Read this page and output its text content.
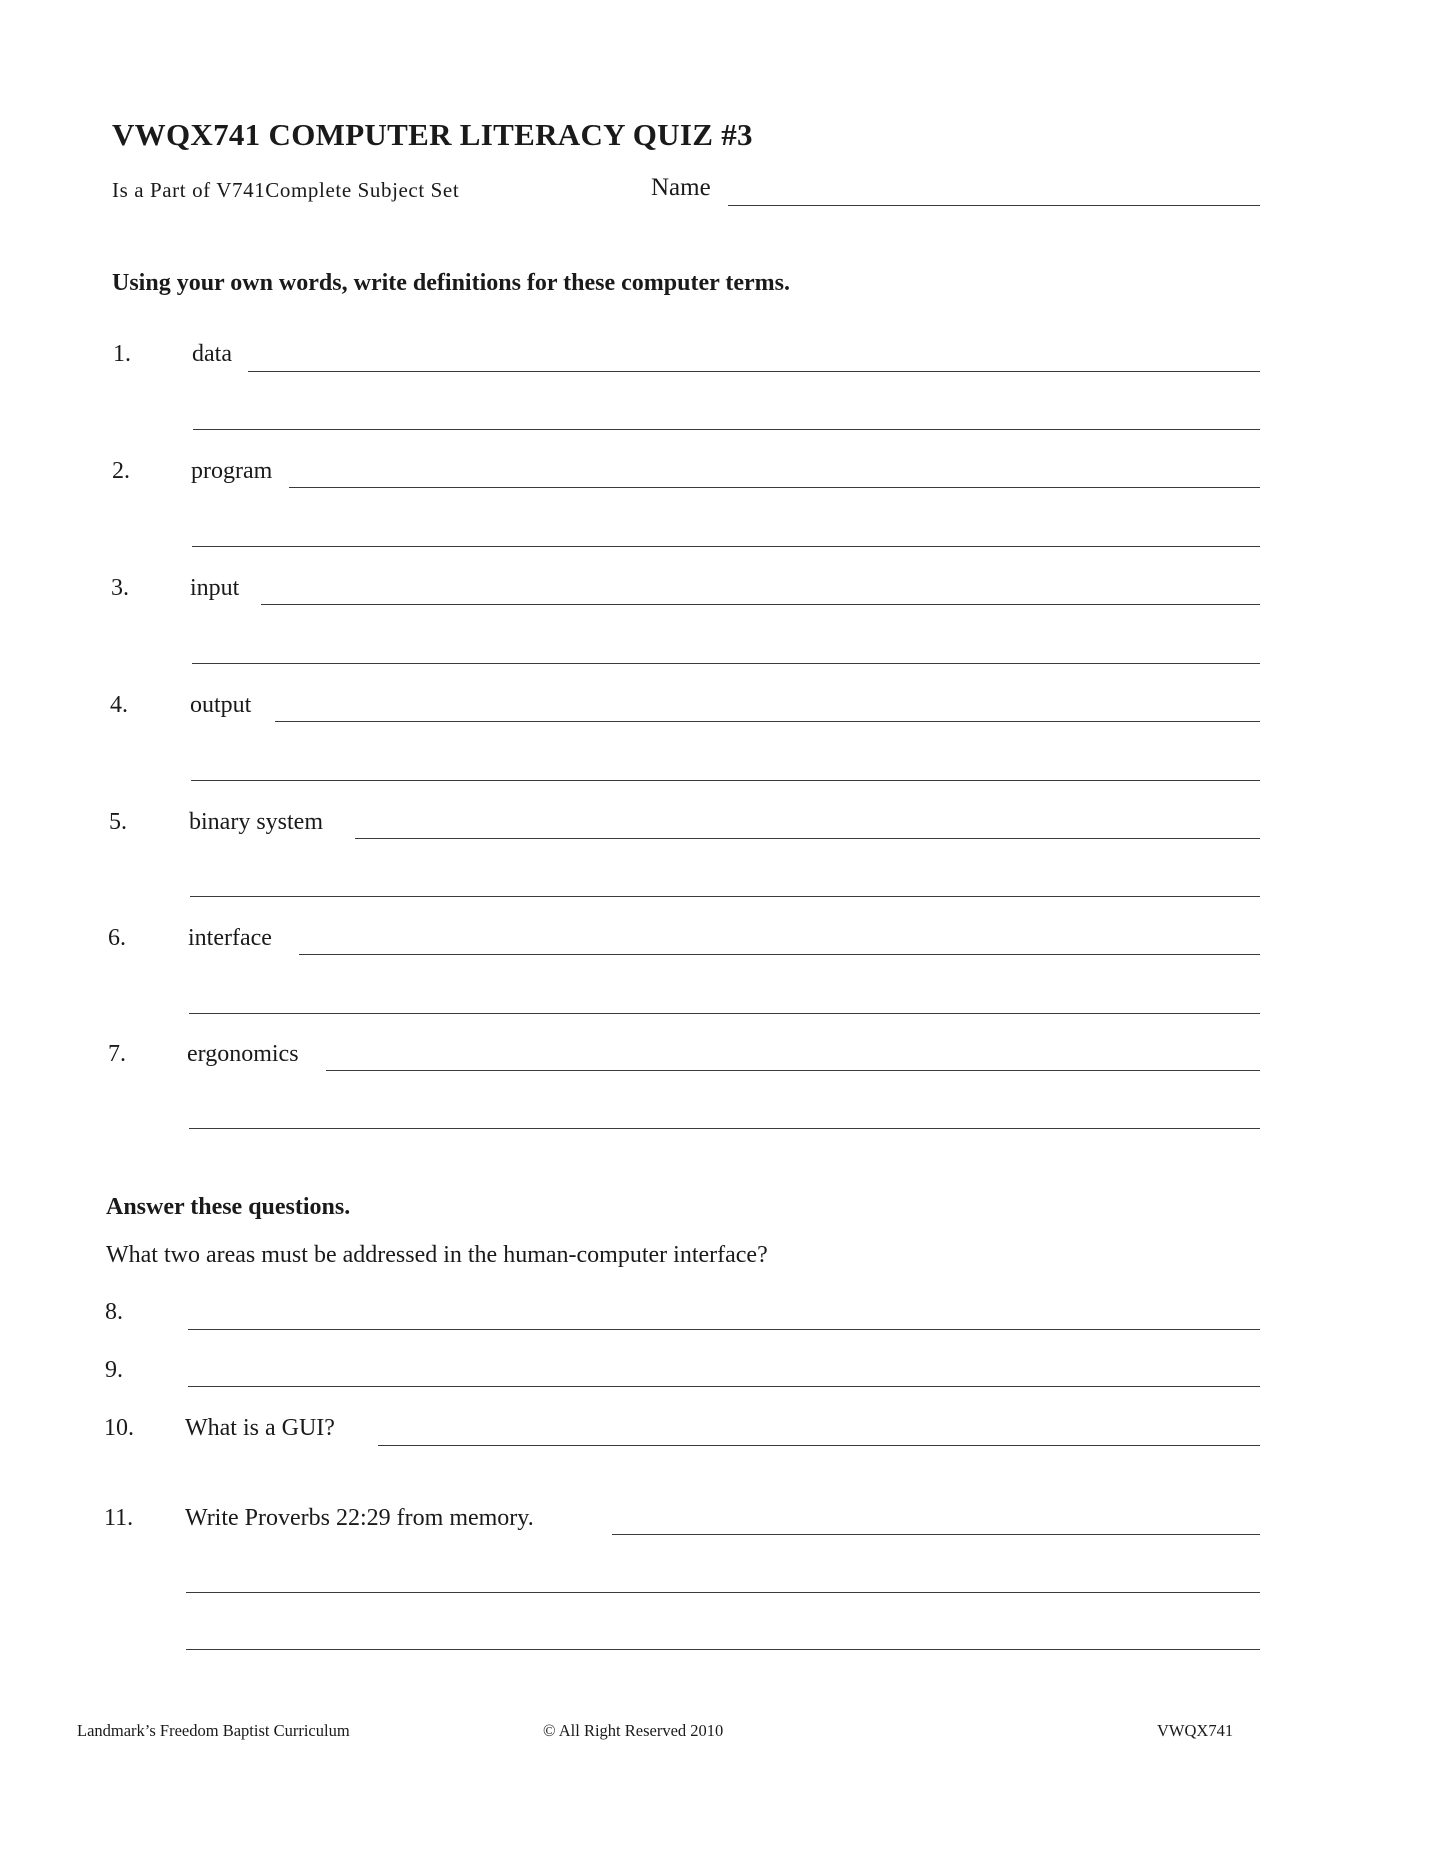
VWQX741 COMPUTER LITERACY QUIZ #3
Is a Part of V741Complete Subject Set	Name
Using your own words, write definitions for these computer terms.
1.	data
2.	program
3.	input
4.	output
5.	binary system
6.	interface
7.	ergonomics
Answer these questions.
What two areas must be addressed in the human-computer interface?
8.
9.
10. What is a GUI?
11. Write Proverbs 22:29 from memory.
Landmark’s Freedom Baptist Curriculum	© All Right Reserved 2010	VWQX741
